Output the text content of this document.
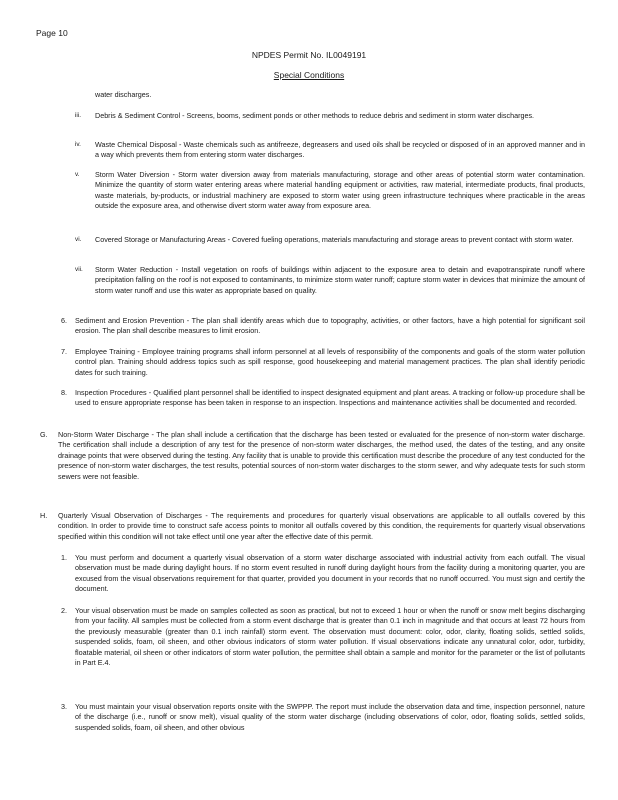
Page 10
NPDES Permit No. IL0049191
Special Conditions
water discharges.
iii. Debris & Sediment Control - Screens, booms, sediment ponds or other methods to reduce debris and sediment in storm water discharges.
iv. Waste Chemical Disposal - Waste chemicals such as antifreeze, degreasers and used oils shall be recycled or disposed of in an approved manner and in a way which prevents them from entering storm water discharges.
v. Storm Water Diversion - Storm water diversion away from materials manufacturing, storage and other areas of potential storm water contamination. Minimize the quantity of storm water entering areas where material handling equipment or activities, raw material, intermediate products, final products, waste materials, by-products, or industrial machinery are exposed to storm water using green infrastructure techniques where practicable in the areas outside the exposure area, and otherwise divert storm water away from exposure area.
vi. Covered Storage or Manufacturing Areas - Covered fueling operations, materials manufacturing and storage areas to prevent contact with storm water.
vii. Storm Water Reduction - Install vegetation on roofs of buildings within adjacent to the exposure area to detain and evapotranspirate runoff where precipitation falling on the roof is not exposed to contaminants, to minimize storm water runoff; capture storm water in devices that minimize the amount of storm water runoff and use this water as appropriate based on quality.
6. Sediment and Erosion Prevention - The plan shall identify areas which due to topography, activities, or other factors, have a high potential for significant soil erosion. The plan shall describe measures to limit erosion.
7. Employee Training - Employee training programs shall inform personnel at all levels of responsibility of the components and goals of the storm water pollution control plan. Training should address topics such as spill response, good housekeeping and material management practices. The plan shall identify periodic dates for such training.
8. Inspection Procedures - Qualified plant personnel shall be identified to inspect designated equipment and plant areas. A tracking or follow-up procedure shall be used to ensure appropriate response has been taken in response to an inspection. Inspections and maintenance activities shall be documented and recorded.
G. Non-Storm Water Discharge - The plan shall include a certification that the discharge has been tested or evaluated for the presence of non-storm water discharge. The certification shall include a description of any test for the presence of non-storm water discharges, the method used, the dates of the testing, and any onsite drainage points that were observed during the testing. Any facility that is unable to provide this certification must describe the procedure of any test conducted for the presence of non-storm water discharges, the test results, potential sources of non-storm water discharges to the storm sewer, and why adequate tests for such storm sewers were not feasible.
H. Quarterly Visual Observation of Discharges - The requirements and procedures for quarterly visual observations are applicable to all outfalls covered by this condition. In order to provide time to construct safe access points to monitor all outfalls covered by this condition, the requirements for quarterly visual observations specified within this condition will not take effect until one year after the effective date of this permit.
1. You must perform and document a quarterly visual observation of a storm water discharge associated with industrial activity from each outfall. The visual observation must be made during daylight hours. If no storm event resulted in runoff during daylight hours from the facility during a monitoring quarter, you are excused from the visual observations requirement for that quarter, provided you document in your records that no runoff occurred. You must sign and certify the document.
2. Your visual observation must be made on samples collected as soon as practical, but not to exceed 1 hour or when the runoff or snow melt begins discharging from your facility. All samples must be collected from a storm event discharge that is greater than 0.1 inch in magnitude and that occurs at least 72 hours from the previously measurable (greater than 0.1 inch rainfall) storm event. The observation must document: color, odor, clarity, floating solids, settled solids, suspended solids, foam, oil sheen, and other obvious indicators of storm water pollution. If visual observations indicate any unnatural color, odor, turbidity, floatable material, oil sheen or other indicators of storm water pollution, the permittee shall obtain a sample and monitor for the parameter or the list of pollutants in Part E.4.
3. You must maintain your visual observation reports onsite with the SWPPP. The report must include the observation data and time, inspection personnel, nature of the discharge (i.e., runoff or snow melt), visual quality of the storm water discharge (including observations of color, odor, floating solids, settled solids, suspended solids, foam, oil sheen, and other obvious
